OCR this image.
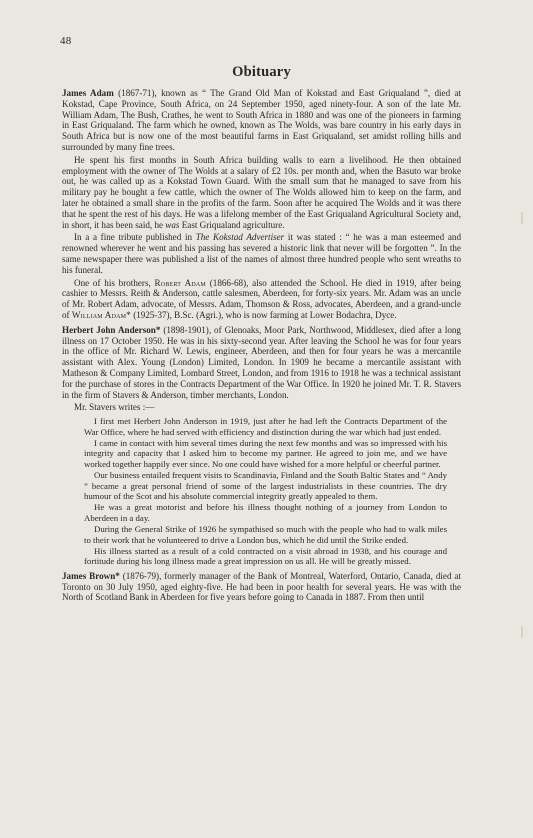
48
Obituary

James Adam (1867-71), known as “ The Grand Old Man of Kokstad and East Griqualand ”, died at Kokstad, Cape Province, South Africa, on 24 September 1950, aged ninety-four. A son of the late Mr. William Adam, The Bush, Crathes, he went to South Africa in 1880 and was one of the pioneers in farming in East Griqualand. The farm which he owned, known as The Wolds, was bare country in his early days in South Africa but is now one of the most beautiful farms in East Griqualand, set amidst rolling hills and surrounded by many fine trees.

He spent his first months in South Africa building walls to earn a livelihood. He then obtained employment with the owner of The Wolds at a salary of £2 10s. per month and, when the Basuto war broke out, he was called up as a Kokstad Town Guard. With the small sum that he managed to save from his military pay he bought a few cattle, which the owner of The Wolds allowed him to keep on the farm, and later he obtained a small share in the profits of the farm. Soon after he acquired The Wolds and it was there that he spent the rest of his days. He was a lifelong member of the East Griqualand Agricultural Society and, in short, it has been said, he was East Griqualand agriculture.

In a a fine tribute published in The Kokstad Advertiser it was stated : “ he was a man esteemed and renowned wherever he went and his passing has severed a historic link that never will be forgotten ”. In the same newspaper there was published a list of the names of almost three hundred people who sent wreaths to his funeral.

One of his brothers, Robert Adam (1866-68), also attended the School. He died in 1919, after being cashier to Messrs. Reith & Anderson, cattle salesmen, Aberdeen, for forty-six years. Mr. Adam was an uncle of Mr. Robert Adam, advocate, of Messrs. Adam, Thomson & Ross, advocates, Aberdeen, and a grand-uncle of William Adam* (1925-37), B.Sc. (Agri.), who is now farming at Lower Bodachra, Dyce.

Herbert John Anderson* (1898-1901), of Glenoaks, Moor Park, Northwood, Middlesex, died after a long illness on 17 October 1950. He was in his sixty-second year. After leaving the School he was for four years in the office of Mr. Richard W. Lewis, engineer, Aberdeen, and then for four years he was a mercantile assistant with Alex. Young (London) Limited, London. In 1909 he became a mercantile assistant with Matheson & Company Limited, Lombard Street, London, and from 1916 to 1918 he was a technical assistant for the purchase of stores in the Contracts Department of the War Office. In 1920 he joined Mr. T. R. Stavers in the firm of Stavers & Anderson, timber merchants, London.

Mr. Stavers writes :—

I first met Herbert John Anderson in 1919, just after he had left the Contracts Department of the War Office, where he had served with efficiency and distinction during the war which had just ended.

I came in contact with him several times during the next few months and was so impressed with his integrity and capacity that I asked him to become my partner. He agreed to join me, and we have worked together happily ever since. No one could have wished for a more helpful or cheerful partner.

Our business entailed frequent visits to Scandinavia, Finland and the South Baltic States and “ Andy ” became a great personal friend of some of the largest industrialists in these countries. The dry humour of the Scot and his absolute commercial integrity greatly appealed to them.

He was a great motorist and before his illness thought nothing of a journey from London to Aberdeen in a day.

During the General Strike of 1926 he sympathised so much with the people who had to walk miles to their work that he volunteered to drive a London bus, which he did until the Strike ended.

His illness started as a result of a cold contracted on a visit abroad in 1938, and his courage and fortitude during his long illness made a great impression on us all. He will be greatly missed.

James Brown* (1876-79), formerly manager of the Bank of Montreal, Waterford, Ontario, Canada, died at Toronto on 30 July 1950, aged eighty-five. He had been in poor health for several years. He was with the North of Scotland Bank in Aberdeen for five years before going to Canada in 1887. From then until
